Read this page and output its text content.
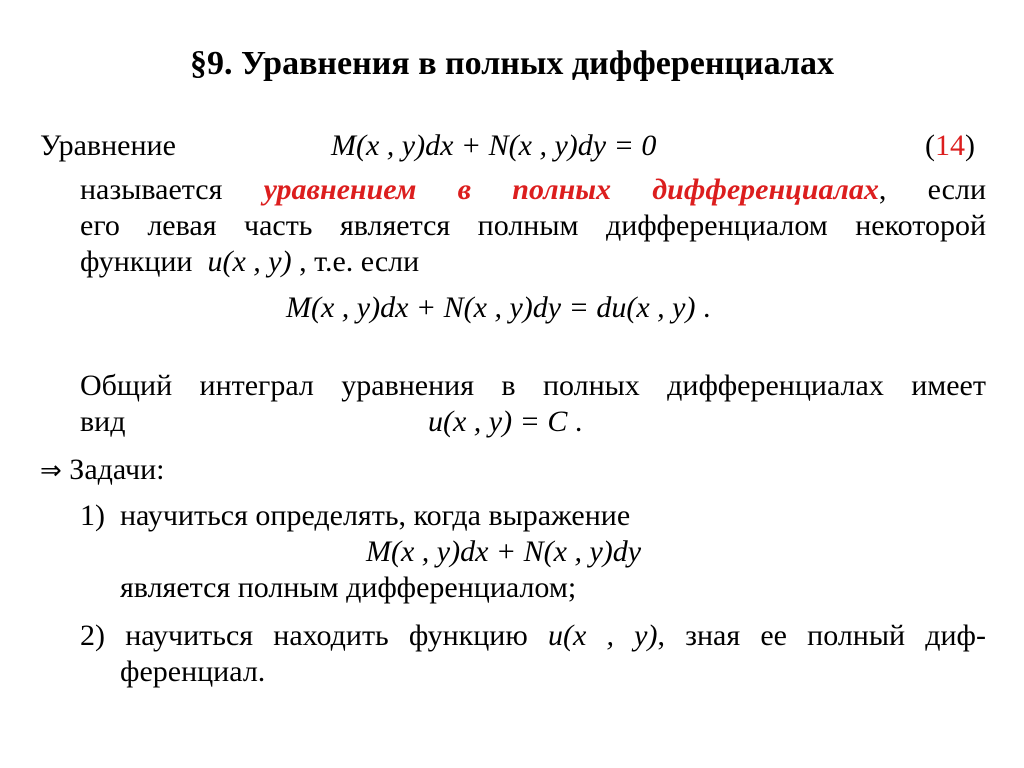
§9. Уравнения в полных дифференциалах
Уравнение	M(x , y)dx + N(x , y)dy = 0	(14)
называется уравнением в полных дифференциалах, если
его левая часть является полным дифференциалом некоторой
функции u(x , y) , т.е. если
M(x , y)dx + N(x , y)dy = du(x , y) .
Общий интеграл уравнения в полных дифференциалах имеет
вид	u(x , y) = C .
⇒ Задачи:
1) научиться определять, когда выражение
M(x , y)dx + N(x , y)dy
является полным дифференциалом;
2) научиться находить функцию u(x , y), зная ее полный диф-
ференциал.
